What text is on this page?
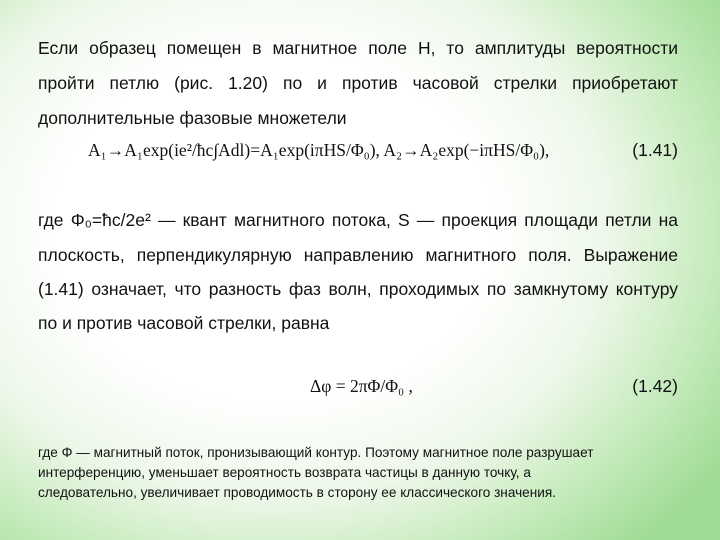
Если образец помещен в магнитное поле H, то амплитуды вероятности

пройти петлю (рис. 1.20) по и против часовой стрелки приобретают

дополнительные фазовые множетели

A₁→A₁exp(ie²/ħc∫Adl)=A₁exp(iπHS/Φ₀), A₂→A₂exp(−iπHS/Φ₀),	(1.41)

где Φ₀=ħc/2e² — квант магнитного потока, S — проекция площади петли на

плоскость, перпендикулярную направлению магнитного поля. Выражение

(1.41) означает, что разность фаз волн, проходимых по замкнутому контуру

по и против часовой стрелки, равна

Δφ = 2πΦ/Φ₀ ,	(1.42)

где Φ — магнитный поток, пронизывающий контур. Поэтому магнитное поле разрушает

интерференцию, уменьшает вероятность возврата частицы в данную точку, а

следовательно, увеличивает проводимость в сторону ее классического значения.
